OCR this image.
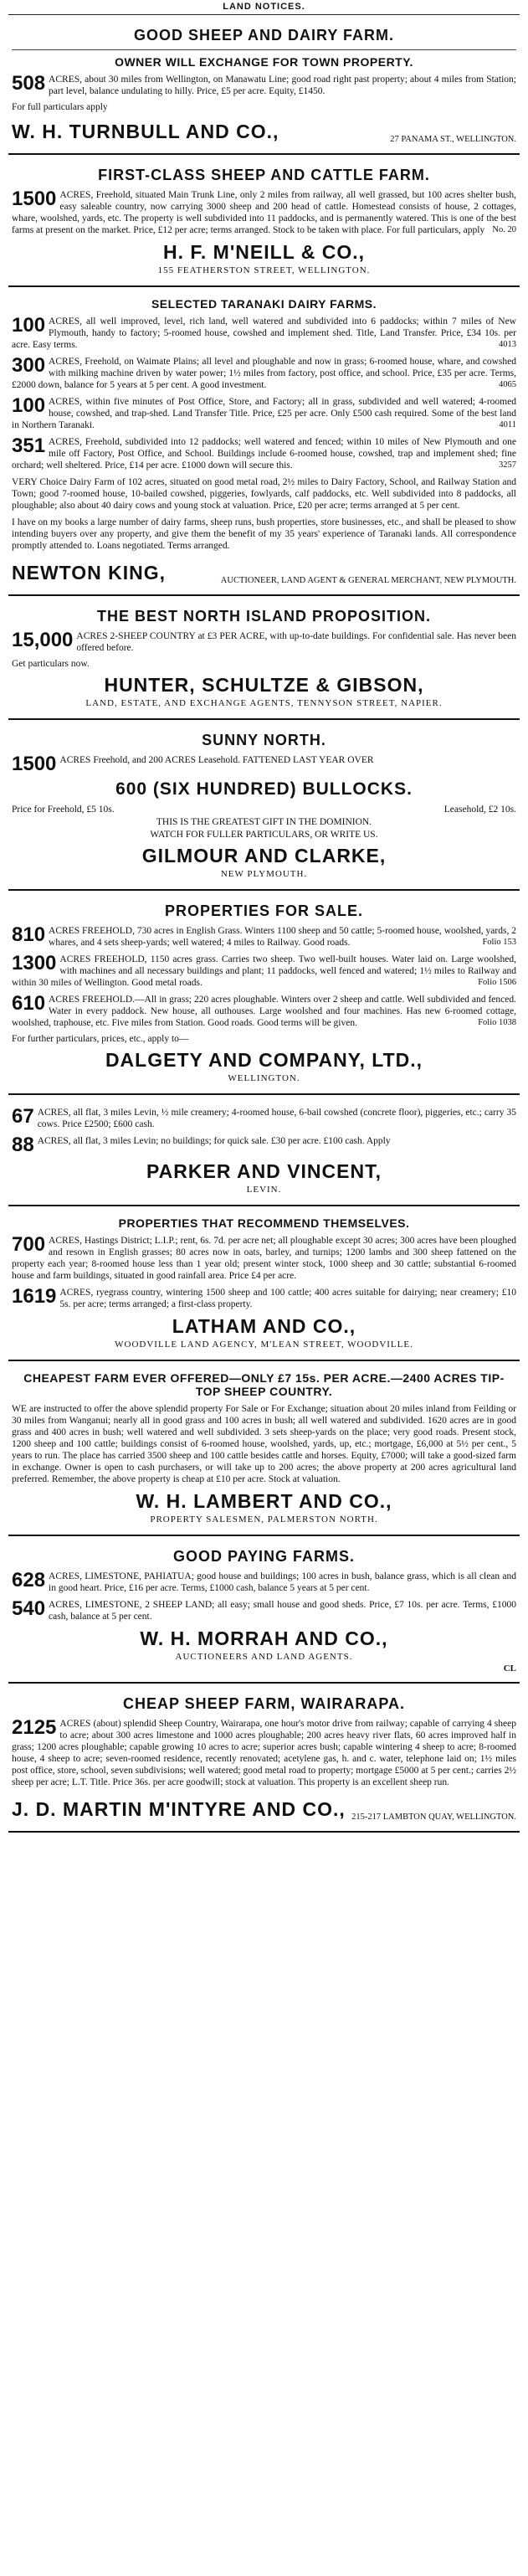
LAND NOTICES.
GOOD SHEEP AND DAIRY FARM.
OWNER WILL EXCHANGE FOR TOWN PROPERTY.
508 ACRES, about 30 miles from Wellington, on Manawatu Line; good road right past property; about 4 miles from Station; part level, balance undulating to hilly. Price, £5 per acre. Equity, £1450.
For full particulars apply
W. H. TURNBULL AND CO.,	27 PANAMA ST., WELLINGTON.
FIRST-CLASS SHEEP AND CATTLE FARM.
1500 ACRES, Freehold, situated Main Trunk Line, only 2 miles from railway, all well grassed, but 100 acres shelter bush, easy saleable country, now carrying 3000 sheep and 200 head of cattle. Homestead consists of house, 2 cottages, whare, woolshed, yards, etc. The property is well subdivided into 11 paddocks, and is permanently watered. This is one of the best farms at present on the market. Price, £12 per acre; terms arranged. Stock to be taken with place. For full particulars, apply No. 20
H. F. M'NEILL & CO.,
155 FEATHERSTON STREET, WELLINGTON.
SELECTED TARANAKI DAIRY FARMS.
100 ACRES, all well improved, level, rich land, well watered and subdivided into 6 paddocks; within 7 miles of New Plymouth, handy to factory; 5-roomed house, cowshed and implement shed. Title, Land Transfer. Price, £34 10s. per acre. Easy terms.	4013
300 ACRES, Freehold, on Waimate Plains; all level and ploughable and now in grass; 6-roomed house, whare, and cowshed with milking machine driven by water power; 1½ miles from factory, post office, and school. Price, £35 per acre. Terms, £2000 down, balance for 5 years at 5 per cent. A good investment.	4065
100 ACRES, within five minutes of Post Office, Store, and Factory; all in grass, subdivided and well watered; 4-roomed house, cowshed, and trap-shed. Land Transfer Title. Price, £25 per acre. Only £500 cash required. Some of the best land in Northern Taranaki.	4011
351 ACRES, Freehold, subdivided into 12 paddocks; well watered and fenced; within 10 miles of New Plymouth and one mile off Factory, Post Office, and School. Buildings include 6-roomed house, cowshed, trap and implement shed; fine orchard; well sheltered. Price, £14 per acre. £1000 down will secure this.	3257
VERY Choice Dairy Farm of 102 acres, situated on good metal road, 2½ miles to Dairy Factory, School, and Railway Station and Town; good 7-roomed house, 10-bailed cowshed, piggeries, fowlyards, calf paddocks, etc. Well subdivided into 8 paddocks, all ploughable; also about 40 dairy cows and young stock at valuation. Price, £20 per acre; terms arranged at 5 per cent.
I have on my books a large number of dairy farms, sheep runs, bush properties, store businesses, etc., and shall be pleased to show intending buyers over any property, and give them the benefit of my 35 years' experience of Taranaki lands. All correspondence promptly attended to. Loans negotiated. Terms arranged.
NEWTON KING,	AUCTIONEER, LAND AGENT & GENERAL MERCHANT, NEW PLYMOUTH.
THE BEST NORTH ISLAND PROPOSITION.
15,000 ACRES 2-SHEEP COUNTRY at £3 PER ACRE, with up-to-date buildings. For confidential sale. Has never been offered before.
Get particulars now.
HUNTER, SCHULTZE & GIBSON,
LAND, ESTATE, AND EXCHANGE AGENTS, TENNYSON STREET, NAPIER.
SUNNY NORTH.
1500 ACRES Freehold, and 200 ACRES Leasehold. FATTENED LAST YEAR OVER
600 (SIX HUNDRED) BULLOCKS.
Price for Freehold, £5 10s.	Leasehold, £2 10s.
THIS IS THE GREATEST GIFT IN THE DOMINION.
WATCH FOR FULLER PARTICULARS, OR WRITE US.
GILMOUR AND CLARKE,
NEW PLYMOUTH.
PROPERTIES FOR SALE.
810 ACRES FREEHOLD, 730 acres in English Grass. Winters 1100 sheep and 50 cattle; 5-roomed house, woolshed, yards, 2 whares, and 4 sets sheep-yards; well watered; 4 miles to Railway. Good roads.	Folio 153
1300 ACRES FREEHOLD, 1150 acres grass. Carries two sheep. Two well-built houses. Water laid on. Large woolshed, with machines and all necessary buildings and plant; 11 paddocks, well fenced and watered; 1½ miles to Railway and within 30 miles of Wellington. Good metal roads.	Folio 1506
610 ACRES FREEHOLD.—All in grass; 220 acres ploughable. Winters over 2 sheep and cattle. Well subdivided and fenced. Water in every paddock. New house, all outhouses. Large woolshed and four machines. Has new 6-roomed cottage, woolshed, traphouse, etc. Five miles from Station. Good roads. Good terms will be given.	Folio 1038
For further particulars, prices, etc., apply to—
DALGETY AND COMPANY, LTD.,
WELLINGTON.
67 ACRES, all flat, 3 miles Levin, ½ mile creamery; 4-roomed house, 6-bail cowshed (concrete floor), piggeries, etc.; carry 35 cows. Price £2500; £600 cash.
88 ACRES, all flat, 3 miles Levin; no buildings; for quick sale. £30 per acre. £100 cash. Apply
PARKER AND VINCENT,
LEVIN.
PROPERTIES THAT RECOMMEND THEMSELVES.
700 ACRES, Hastings District; L.I.P.; rent, 6s. 7d. per acre net; all ploughable except 30 acres; 300 acres have been ploughed and resown in English grasses; 80 acres now in oats, barley, and turnips; 1200 lambs and 300 sheep fattened on the property each year; 8-roomed house less than 1 year old; present winter stock, 1000 sheep and 30 cattle; substantial 6-roomed house and farm buildings, situated in good rainfall area. Price £4 per acre.
1619 ACRES, ryegrass country, wintering 1500 sheep and 100 cattle; 400 acres suitable for dairying; near creamery; £10 5s. per acre; terms arranged; a first-class property.
LATHAM AND CO.,
WOODVILLE LAND AGENCY, M'LEAN STREET, WOODVILLE.
CHEAPEST FARM EVER OFFERED—ONLY £7 15s. PER ACRE.—2400 ACRES TIP-TOP SHEEP COUNTRY.
WE are instructed to offer the above splendid property For Sale or For Exchange; situation about 20 miles inland from Feilding or 30 miles from Wanganui; nearly all in good grass and 100 acres in bush; all well watered and subdivided. 1620 acres are in good grass and 400 acres in bush; well watered and well subdivided. 3 sets sheep-yards on the place; very good roads. Present stock, 1200 sheep and 100 cattle; buildings consist of 6-roomed house, woolshed, yards, up, etc.; mortgage, £6,000 at 5½ per cent., 5 years to run. The place has carried 3500 sheep and 100 cattle besides cattle and horses. Equity, £7000; will take a good-sized farm in exchange. Owner is open to cash purchasers, or will take up to 200 acres; the above property at 200 acres agricultural land preferred. Remember, the above property is cheap at £10 per acre. Stock at valuation.
W. H. LAMBERT AND CO.,
PROPERTY SALESMEN, PALMERSTON NORTH.
GOOD PAYING FARMS.
628 ACRES, LIMESTONE, PAHIATUA; good house and buildings; 100 acres in bush, balance grass, which is all clean and in good heart. Price, £16 per acre. Terms, £1000 cash, balance 5 years at 5 per cent.
540 ACRES, LIMESTONE, 2 SHEEP LAND; all easy; small house and good sheds. Price, £7 10s. per acre. Terms, £1000 cash, balance at 5 per cent.
W. H. MORRAH AND CO.,
AUCTIONEERS AND LAND AGENTS.
CL
CHEAP SHEEP FARM, WAIRARAPA.
2125 ACRES (about) splendid Sheep Country, Wairarapa, one hour's motor drive from railway; capable of carrying 4 sheep to acre; about 300 acres limestone and 1000 acres ploughable; 200 acres heavy river flats, 60 acres improved half in grass; 1200 acres ploughable; capable growing 10 acres to acre; superior acres bush; capable wintering 4 sheep to acre; 8-roomed house, 4 sheep to acre; seven-roomed residence, recently renovated; acetylene gas, h. and c. water, telephone laid on; 1½ miles post office, store, school, seven subdivisions; well watered; good metal road to property; mortgage £5000 at 5 per cent.; carries 2½ sheep per acre; L.T. Title. Price 36s. per acre goodwill; stock at valuation. This property is an excellent sheep run.
J. D. MARTIN M'INTYRE AND CO., 215-217 LAMBTON QUAY, WELLINGTON.
